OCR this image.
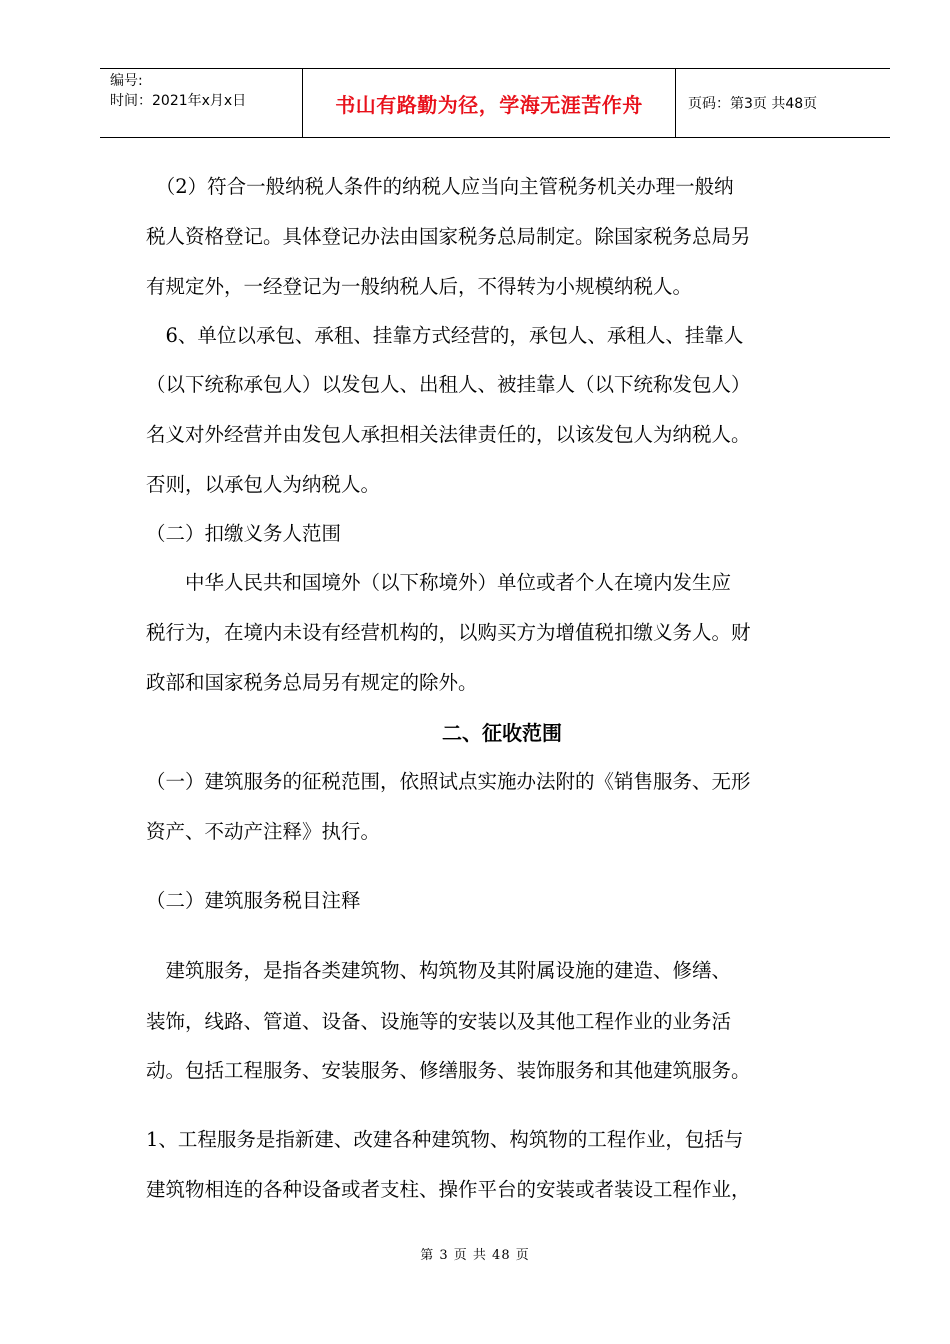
编号:
时间：2021年x月x日	书山有路勤为径，学海无涯苦作舟	页码：第3页 共48页

　（2）符合一般纳税人条件的纳税人应当向主管税务机关办理一般纳

税人资格登记。具体登记办法由国家税务总局制定。除国家税务总局另

有规定外，一经登记为一般纳税人后，不得转为小规模纳税人。

　6、单位以承包、承租、挂靠方式经营的，承包人、承租人、挂靠人

（以下统称承包人）以发包人、出租人、被挂靠人（以下统称发包人）

名义对外经营并由发包人承担相关法律责任的，以该发包人为纳税人。

否则，以承包人为纳税人。

（二）扣缴义务人范围

　　中华人民共和国境外（以下称境外）单位或者个人在境内发生应

税行为，在境内未设有经营机构的，以购买方为增值税扣缴义务人。财

政部和国家税务总局另有规定的除外。

二、征收范围

（一）建筑服务的征税范围，依照试点实施办法附的《销售服务、无形

资产、不动产注释》执行。

（二）建筑服务税目注释

　建筑服务，是指各类建筑物、构筑物及其附属设施的建造、修缮、

装饰，线路、管道、设备、设施等的安装以及其他工程作业的业务活

动。包括工程服务、安装服务、修缮服务、装饰服务和其他建筑服务。

1、工程服务是指新建、改建各种建筑物、构筑物的工程作业，包括与

建筑物相连的各种设备或者支柱、操作平台的安装或者装设工程作业，

第 3 页 共 48 页
